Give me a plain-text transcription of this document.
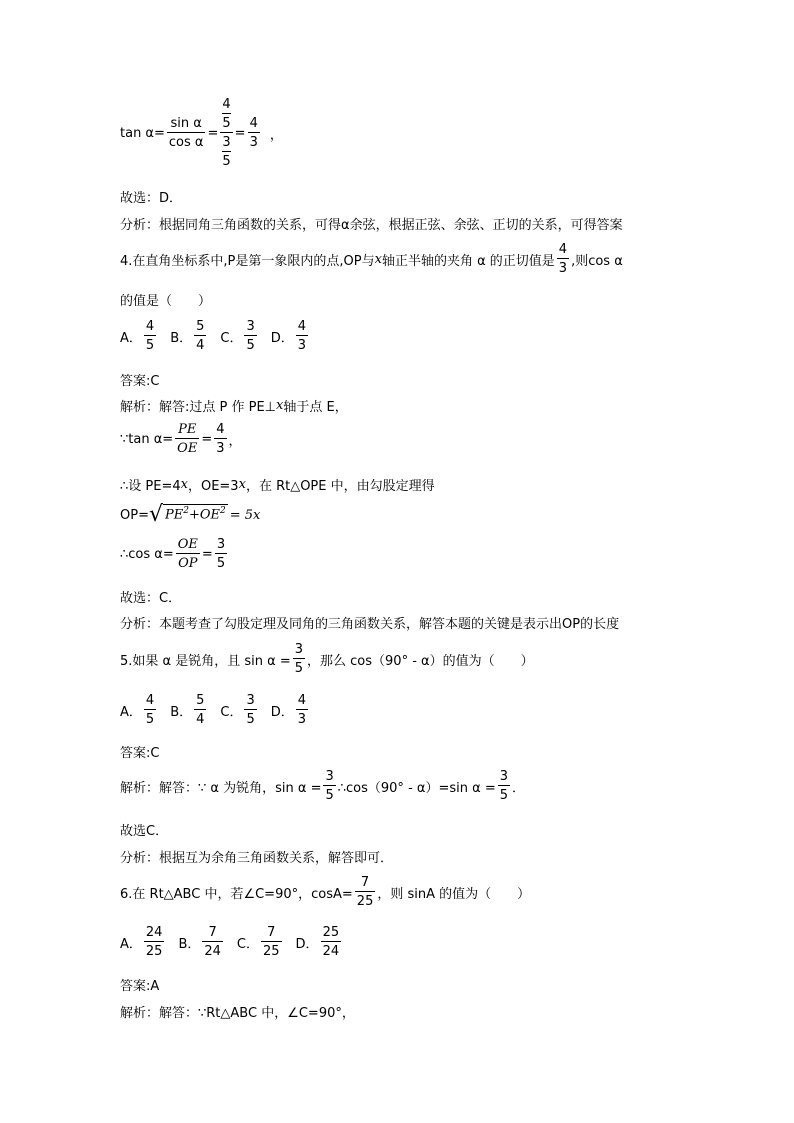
$\tan \alpha= \frac{\text{sin α}}{\text{cos α}} = 4$
5
3
$5 = \frac{4}{3}$ ，
故选：D．
分析：根据同角三角函数的关系，可得α余弦，根据正弦、余弦、正切的关系，可得答案
4.在直角坐标系中,P是第一象限内的点,OP与 x 轴正半轴的夹角 α 的正切值是 $\frac{4}{3}$ ,则cos α
的值是（　　）
A． $\frac{4}{5}$ B． $\frac{5}{4}$ C． $\frac{3}{5}$ D． $\frac{4}{3}$
答案:C
解析：解答:过点 P 作 PE⊥ x 轴于点 E，
∵tan $\alpha= \frac{PE}{OE} = \frac{4}{3}$ ，
∴设 PE=4 x ，OE=3 x ，在 Rt△OPE 中，由勾股定理得
OP= √ $PE^2+OE^2 = 5x$
∴cos $\alpha= \frac{OE}{OP} = \frac{3}{5}$
故选：C．
分析：本题考查了勾股定理及同角的三角函数关系，解答本题的关键是表示出OP的长度
5.如果 α 是锐角，且 $\sin \alpha = \frac{3}{5}$ ，那么 cos（90° - α）的值为（　　）
A． $\frac{4}{5}$ B． $\frac{5}{4}$ C． $\frac{3}{5}$ D． $\frac{4}{3}$
答案:C
解析：解答：∵ α 为锐角，$\sin \alpha = \frac{3}{5}$ ∴cos（90° - α）=sin $\alpha = \frac{3}{5}$ ．
故选C．
分析：根据互为余角三角函数关系，解答即可．
6.在 Rt△ABC 中，若∠C=90°，$\cos A= \frac{7}{25}$ ，则 sinA 的值为（　　）
A． $\frac{24}{25}$ B． $\frac{7}{24}$ C． $\frac{7}{25}$ D． $\frac{25}{24}$
答案:A
解析：解答：∵Rt△ABC 中，∠C=90°，
